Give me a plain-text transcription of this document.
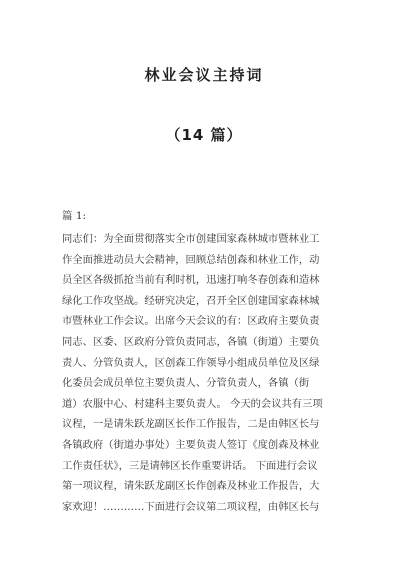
林业会议主持词
（14 篇）
篇 1:
同志们：为全面贯彻落实全市创建国家森林城市暨林业工
作全面推进动员大会精神，回顾总结创森和林业工作，动
员全区各级抓抢当前有利时机，迅速打响冬春创森和造林
绿化工作攻坚战。经研究决定，召开全区创建国家森林城
市暨林业工作会议。出席今天会议的有：区政府主要负责
同志、区委、区政府分管负责同志，各镇（街道）主要负
责人、分管负责人，区创森工作领导小组成员单位及区绿
化委员会成员单位主要负责人、分管负责人，各镇（街
道）农服中心、村建科主要负责人。 今天的会议共有三项
议程，一是请朱跃龙副区长作工作报告，二是由韩区长与
各镇政府（街道办事处）主要负责人签订《度创森及林业
工作责任状》，三是请韩区长作重要讲话。 下面进行会议
第一项议程，请朱跃龙副区长作创森及林业工作报告，大
家欢迎！…………下面进行会议第二项议程，由韩区长与
